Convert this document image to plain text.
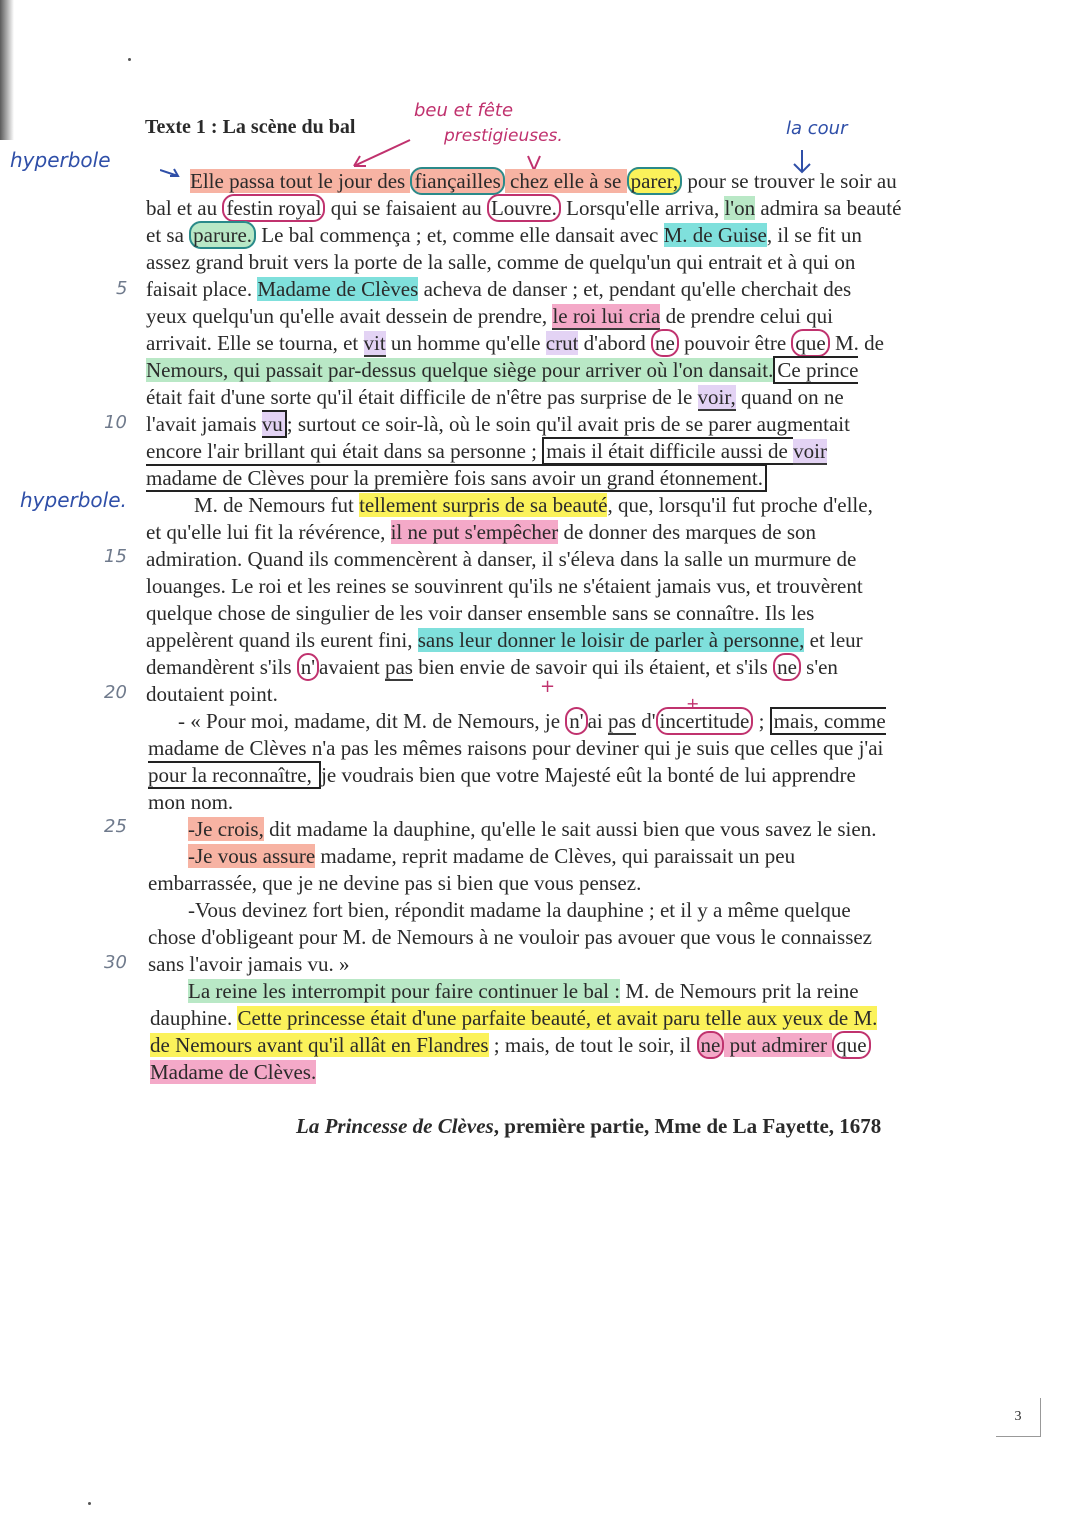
hyperbole
hyperbole.
beu et fête
prestigieuses.	la cour
Texte 1 : La scène du bal
5
10
15
20
25
30
Elle passa tout le jour des fiançailles chez elle à se parer, pour se trouver le soir au
bal et au festin royal qui se faisaient au Louvre. Lorsqu'elle arriva, l'on admira sa beauté
et sa parure. Le bal commença ; et, comme elle dansait avec M. de Guise, il se fit un
assez grand bruit vers la porte de la salle, comme de quelqu'un qui entrait et à qui on
faisait place. Madame de Clèves acheva de danser ; et, pendant qu'elle cherchait des
yeux quelqu'un qu'elle avait dessein de prendre, le roi lui cria de prendre celui qui
arrivait. Elle se tourna, et vit un homme qu'elle crut d'abord ne pouvoir être que M. de
Nemours, qui passait par-dessus quelque siège pour arriver où l'on dansait. Ce prince
était fait d'une sorte qu'il était difficile de n'être pas surprise de le voir, quand on ne
l'avait jamais vu ; surtout ce soir-là, où le soin qu'il avait pris de se parer augmentait
encore l'air brillant qui était dans sa personne ; mais il était difficile aussi de voir
madame de Clèves pour la première fois sans avoir un grand étonnement.
M. de Nemours fut tellement surpris de sa beauté, que, lorsqu'il fut proche d'elle,
et qu'elle lui fit la révérence, il ne put s'empêcher de donner des marques de son
admiration. Quand ils commencèrent à danser, il s'éleva dans la salle un murmure de
louanges. Le roi et les reines se souvinrent qu'ils ne s'étaient jamais vus, et trouvèrent
quelque chose de singulier de les voir danser ensemble sans se connaître. Ils les
appelèrent quand ils eurent fini, sans leur donner le loisir de parler à personne, et leur
demandèrent s'ils n' avaient pas bien envie de savoir qui ils étaient, et s'ils ne s'en
doutaient point.	+
+
- « Pour moi, madame, dit M. de Nemours, je n' ai pas d' incertitude ; mais, comme
madame de Clèves n'a pas les mêmes raisons pour deviner qui je suis que celles que j'ai
pour la reconnaître, je voudrais bien que votre Majesté eût la bonté de lui apprendre
mon nom.
-Je crois, dit madame la dauphine, qu'elle le sait aussi bien que vous savez le sien.
-Je vous assure madame, reprit madame de Clèves, qui paraissait un peu
embarrassée, que je ne devine pas si bien que vous pensez.
-Vous devinez fort bien, répondit madame la dauphine ; et il y a même quelque
chose d'obligeant pour M. de Nemours à ne vouloir pas avouer que vous le connaissez
sans l'avoir jamais vu. »
La reine les interrompit pour faire continuer le bal : M. de Nemours prit la reine
dauphine. Cette princesse était d'une parfaite beauté, et avait paru telle aux yeux de M.
de Nemours avant qu'il allât en Flandres ; mais, de tout le soir, il ne put admirer que
Madame de Clèves.
La Princesse de Clèves, première partie, Mme de La Fayette, 1678
3
